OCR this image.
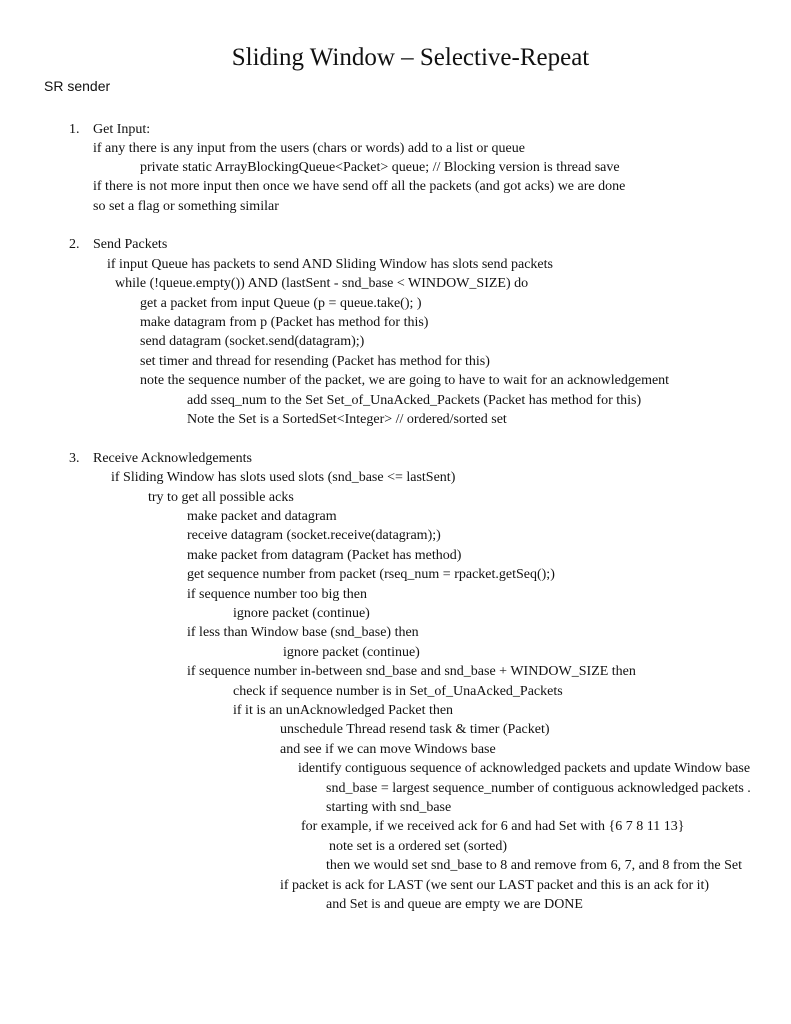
Sliding Window – Selective-Repeat
SR sender
1. Get Input:
if any there is any input from the users (chars or words) add to a list or queue
private static ArrayBlockingQueue<Packet> queue; // Blocking version is thread save
if there is not more input then once we have send off all the packets (and got acks) we are done
so set a flag or something similar
2. Send Packets
if input Queue has packets to send AND Sliding Window has slots send packets
while (!queue.empty()) AND (lastSent - snd_base < WINDOW_SIZE) do
get a packet from input Queue (p = queue.take(); )
make datagram from p (Packet has method for this)
send datagram (socket.send(datagram);)
set timer and thread for resending (Packet has method for this)
note the sequence number of the packet, we are going to have to wait for an acknowledgement
add sseq_num to the Set Set_of_UnaAcked_Packets (Packet has method for this)
Note the Set is a SortedSet<Integer> // ordered/sorted set
3. Receive Acknowledgements
if Sliding Window has slots used slots (snd_base <= lastSent)
try to get all possible acks
make packet and datagram
receive datagram (socket.receive(datagram);)
make packet from datagram (Packet has method)
get sequence number from packet (rseq_num = rpacket.getSeq();)
if sequence number too big then
ignore packet (continue)
if less than Window base (snd_base) then
ignore packet (continue)
if sequence number in-between snd_base and snd_base + WINDOW_SIZE then
check if sequence number is in Set_of_UnaAcked_Packets
if it is an unAcknowledged Packet then
unschedule Thread resend task & timer (Packet)
and see if we can move Windows base
identify contiguous sequence of acknowledged packets and update Window base
snd_base = largest sequence_number of contiguous acknowledged packets .
starting with snd_base
for example, if we received ack for 6 and had Set with {6 7 8 11 13}
note set is a ordered set (sorted)
then we would set snd_base to 8 and remove from 6, 7, and 8 from the Set
if packet is ack for LAST (we sent our LAST packet and this is an ack for it)
and Set is and queue are empty we are DONE
